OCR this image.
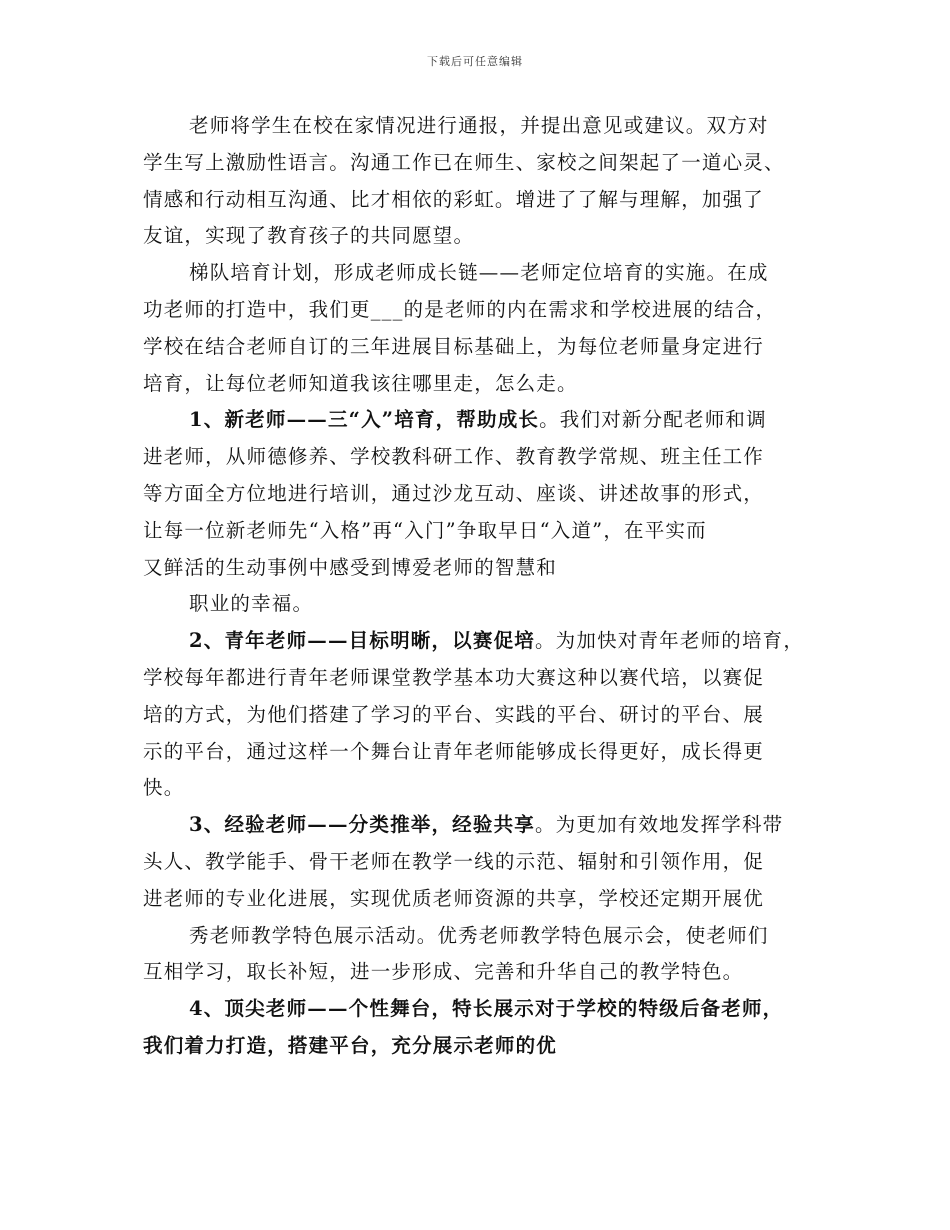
下载后可任意编辑
老师将学生在校在家情况进行通报，并提出意见或建议。双方对
学生写上激励性语言。沟通工作已在师生、家校之间架起了一道心灵、
情感和行动相互沟通、比才相依的彩虹。增进了了解与理解，加强了
友谊，实现了教育孩子的共同愿望。
梯队培育计划，形成老师成长链——老师定位培育的实施。在成
功老师的打造中，我们更___的是老师的内在需求和学校进展的结合，
学校在结合老师自订的三年进展目标基础上，为每位老师量身定进行
培育，让每位老师知道我该往哪里走，怎么走。
1、新老师——三“入”培育，帮助成长。我们对新分配老师和调
进老师，从师德修养、学校教科研工作、教育教学常规、班主任工作
等方面全方位地进行培训，通过沙龙互动、座谈、讲述故事的形式，
让每一位新老师先“入格”再“入门”争取早日“入道”，在平实而
又鲜活的生动事例中感受到博爱老师的智慧和
职业的幸福。
2、青年老师——目标明晰，以赛促培。为加快对青年老师的培育，
学校每年都进行青年老师课堂教学基本功大赛这种以赛代培，以赛促
培的方式，为他们搭建了学习的平台、实践的平台、研讨的平台、展
示的平台，通过这样一个舞台让青年老师能够成长得更好，成长得更
快。
3、经验老师——分类推举，经验共享。为更加有效地发挥学科带
头人、教学能手、骨干老师在教学一线的示范、辐射和引领作用，促
进老师的专业化进展，实现优质老师资源的共享，学校还定期开展优
秀老师教学特色展示活动。优秀老师教学特色展示会，使老师们
互相学习，取长补短，进一步形成、完善和升华自己的教学特色。
4、顶尖老师——个性舞台，特长展示对于学校的特级后备老师，
我们着力打造，搭建平台，充分展示老师的优
